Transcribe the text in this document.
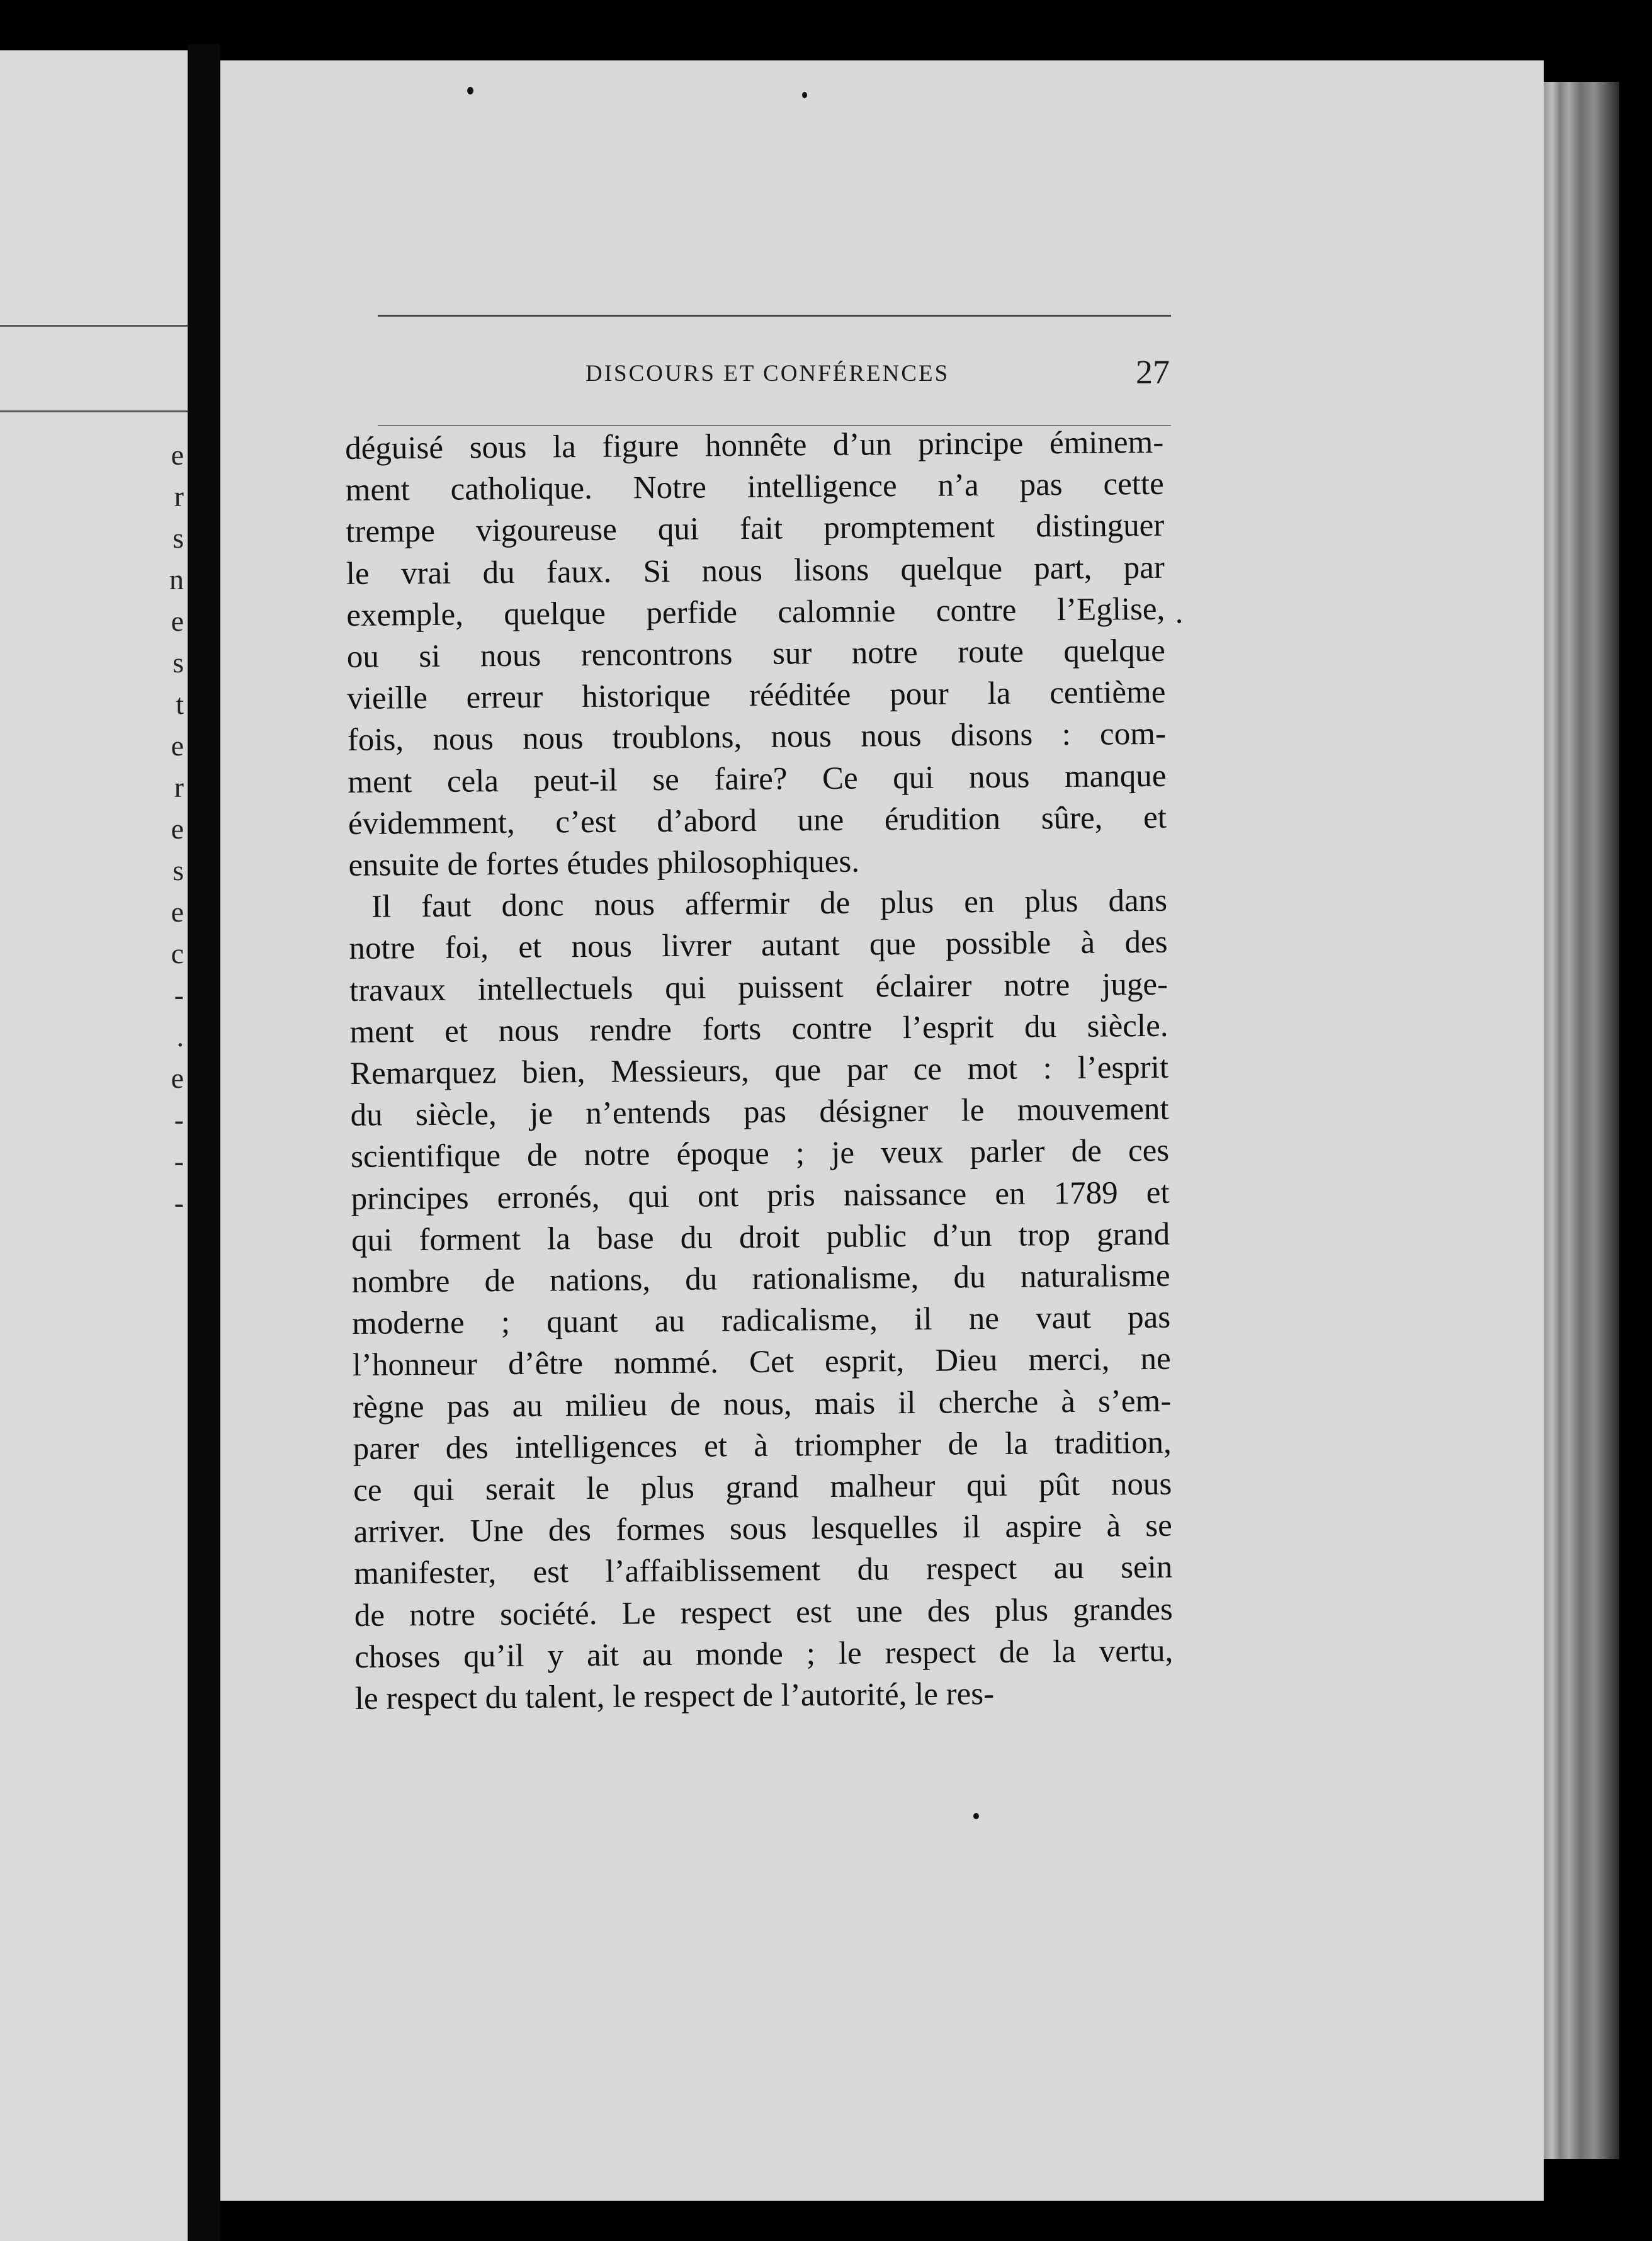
e
r
s
n
e
s
t
e
r
e
s
e
c
-
.
e
-
-
-
DISCOURS ET CONFÉRENCES	27
déguisé sous la figure honnête d’un principe éminem-
ment catholique. Notre intelligence n’a pas cette
trempe vigoureuse qui fait promptement distinguer
le vrai du faux. Si nous lisons quelque part, par
exemple, quelque perfide calomnie contre l’Eglise,
ou si nous rencontrons sur notre route quelque
vieille erreur historique rééditée pour la centième
fois, nous nous troublons, nous nous disons : com-
ment cela peut-il se faire? Ce qui nous manque
évidemment, c’est d’abord une érudition sûre, et
ensuite de fortes études philosophiques.
Il faut donc nous affermir de plus en plus dans
notre foi, et nous livrer autant que possible à des
travaux intellectuels qui puissent éclairer notre juge-
ment et nous rendre forts contre l’esprit du siècle.
Remarquez bien, Messieurs, que par ce mot : l’esprit
du siècle, je n’entends pas désigner le mouvement
scientifique de notre époque ; je veux parler de ces
principes erronés, qui ont pris naissance en 1789 et
qui forment la base du droit public d’un trop grand
nombre de nations, du rationalisme, du naturalisme
moderne ; quant au radicalisme, il ne vaut pas
l’honneur d’être nommé. Cet esprit, Dieu merci, ne
règne pas au milieu de nous, mais il cherche à s’em-
parer des intelligences et à triompher de la tradition,
ce qui serait le plus grand malheur qui pût nous
arriver. Une des formes sous lesquelles il aspire à se
manifester, est l’affaiblissement du respect au sein
de notre société. Le respect est une des plus grandes
choses qu’il y ait au monde ; le respect de la vertu,
le respect du talent, le respect de l’autorité, le res-
